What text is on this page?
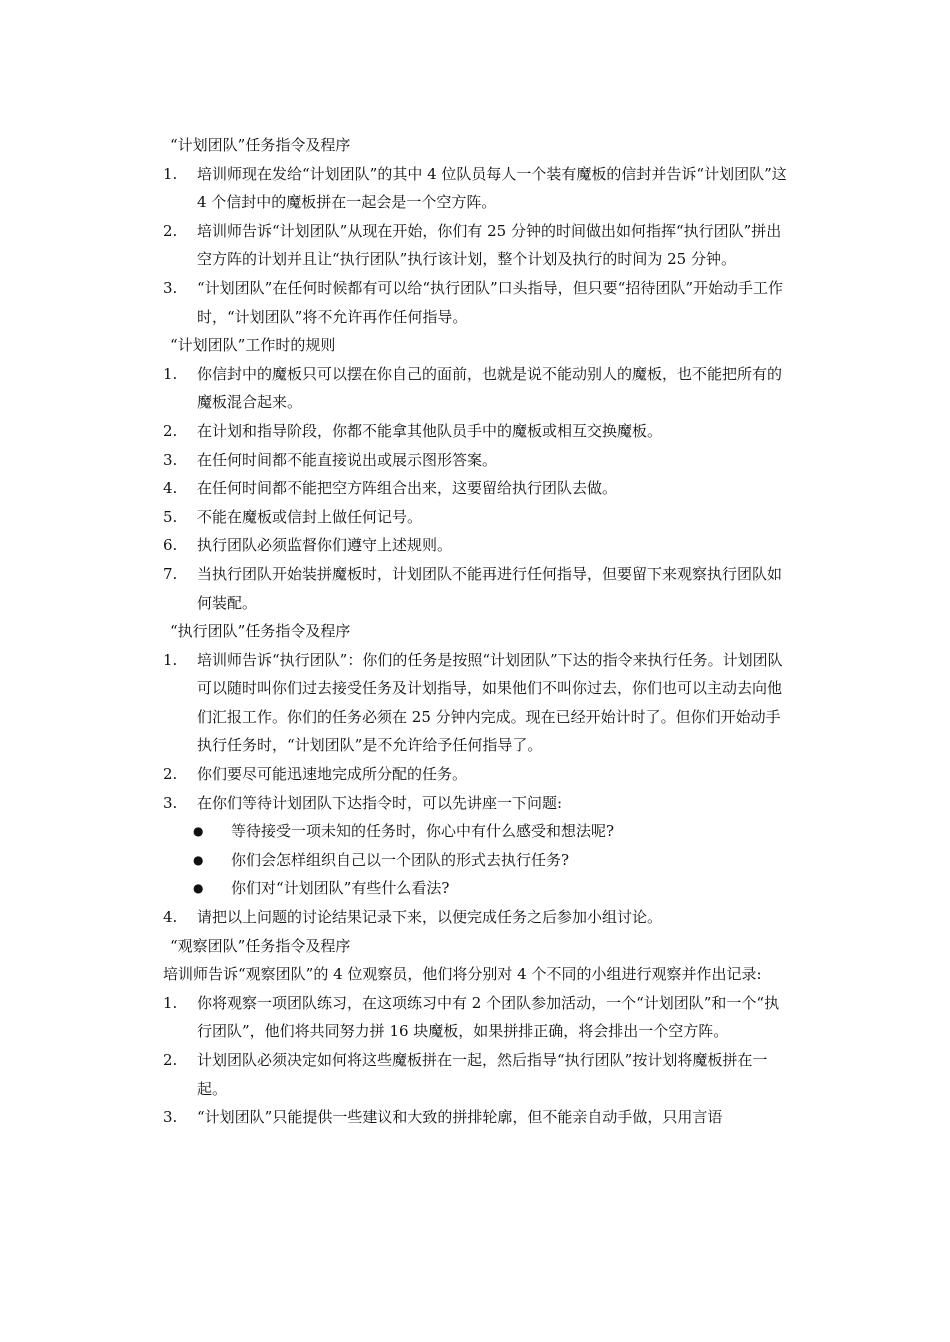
“计划团队”任务指令及程序

1. 培训师现在发给“计划团队”的其中 4 位队员每人一个装有魔板的信封并告诉“计划团队”这 4 个信封中的魔板拼在一起会是一个空方阵。
2. 培训师告诉“计划团队”从现在开始，你们有 25 分钟的时间做出如何指挥“执行团队”拼出空方阵的计划并且让“执行团队”执行该计划，整个计划及执行的时间为 25 分钟。
3. “计划团队”在任何时候都有可以给“执行团队”口头指导，但只要“招待团队”开始动手工作时，“计划团队”将不允许再作任何指导。

“计划团队”工作时的规则

1. 你信封中的魔板只可以摆在你自己的面前，也就是说不能动别人的魔板，也不能把所有的魔板混合起来。
2. 在计划和指导阶段，你都不能拿其他队员手中的魔板或相互交换魔板。
3. 在任何时间都不能直接说出或展示图形答案。
4. 在任何时间都不能把空方阵组合出来，这要留给执行团队去做。
5. 不能在魔板或信封上做任何记号。
6. 执行团队必须监督你们遵守上述规则。
7. 当执行团队开始装拼魔板时，计划团队不能再进行任何指导，但要留下来观察执行团队如何装配。

“执行团队”任务指令及程序

1. 培训师告诉“执行团队”：你们的任务是按照“计划团队”下达的指令来执行任务。计划团队可以随时叫你们过去接受任务及计划指导，如果他们不叫你过去，你们也可以主动去向他们汇报工作。你们的任务必须在 25 分钟内完成。现在已经开始计时了。但你们开始动手执行任务时，“计划团队”是不允许给予任何指导了。
2. 你们要尽可能迅速地完成所分配的任务。
3. 在你们等待计划团队下达指令时，可以先讲座一下问题:
● 等待接受一项未知的任务时，你心中有什么感受和想法呢?
● 你们会怎样组织自己以一个团队的形式去执行任务?
● 你们对“计划团队”有些什么看法?
4. 请把以上问题的讨论结果记录下来，以便完成任务之后参加小组讨论。

“观察团队”任务指令及程序

培训师告诉“观察团队”的 4 位观察员，他们将分别对 4 个不同的小组进行观察并作出记录:

1. 你将观察一项团队练习，在这项练习中有 2 个团队参加活动，一个“计划团队”和一个“执行团队”，他们将共同努力拼 16 块魔板，如果拼排正确，将会排出一个空方阵。
2. 计划团队必须决定如何将这些魔板拼在一起，然后指导“执行团队”按计划将魔板拼在一起。
3. “计划团队”只能提供一些建议和大致的拼排轮廓，但不能亲自动手做，只用言语
